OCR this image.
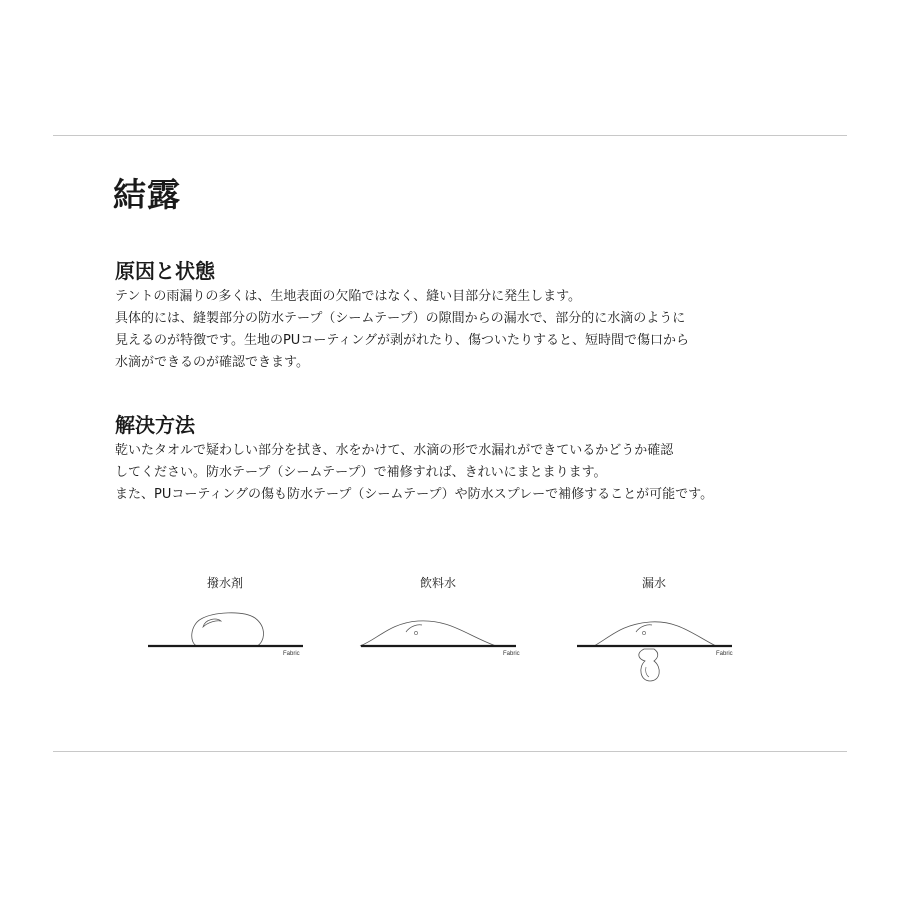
結露
原因と状態
テントの雨漏りの多くは、生地表面の欠陥ではなく、縫い目部分に発生します。
具体的には、縫製部分の防水テープ（シームテープ）の隙間からの漏水で、部分的に水滴のように
見えるのが特徴です。生地のPUコーティングが剥がれたり、傷ついたりすると、短時間で傷口から
水滴ができるのが確認できます。
解決方法
乾いたタオルで疑わしい部分を拭き、水をかけて、水滴の形で水漏れができているかどうか確認
してください。防水テープ（シームテープ）で補修すれば、きれいにまとまります。
また、PUコーティングの傷も防水テープ（シームテープ）や防水スプレーで補修することが可能です。
撥水剤
Fabric
飲料水
Fabric
漏水
Fabric
